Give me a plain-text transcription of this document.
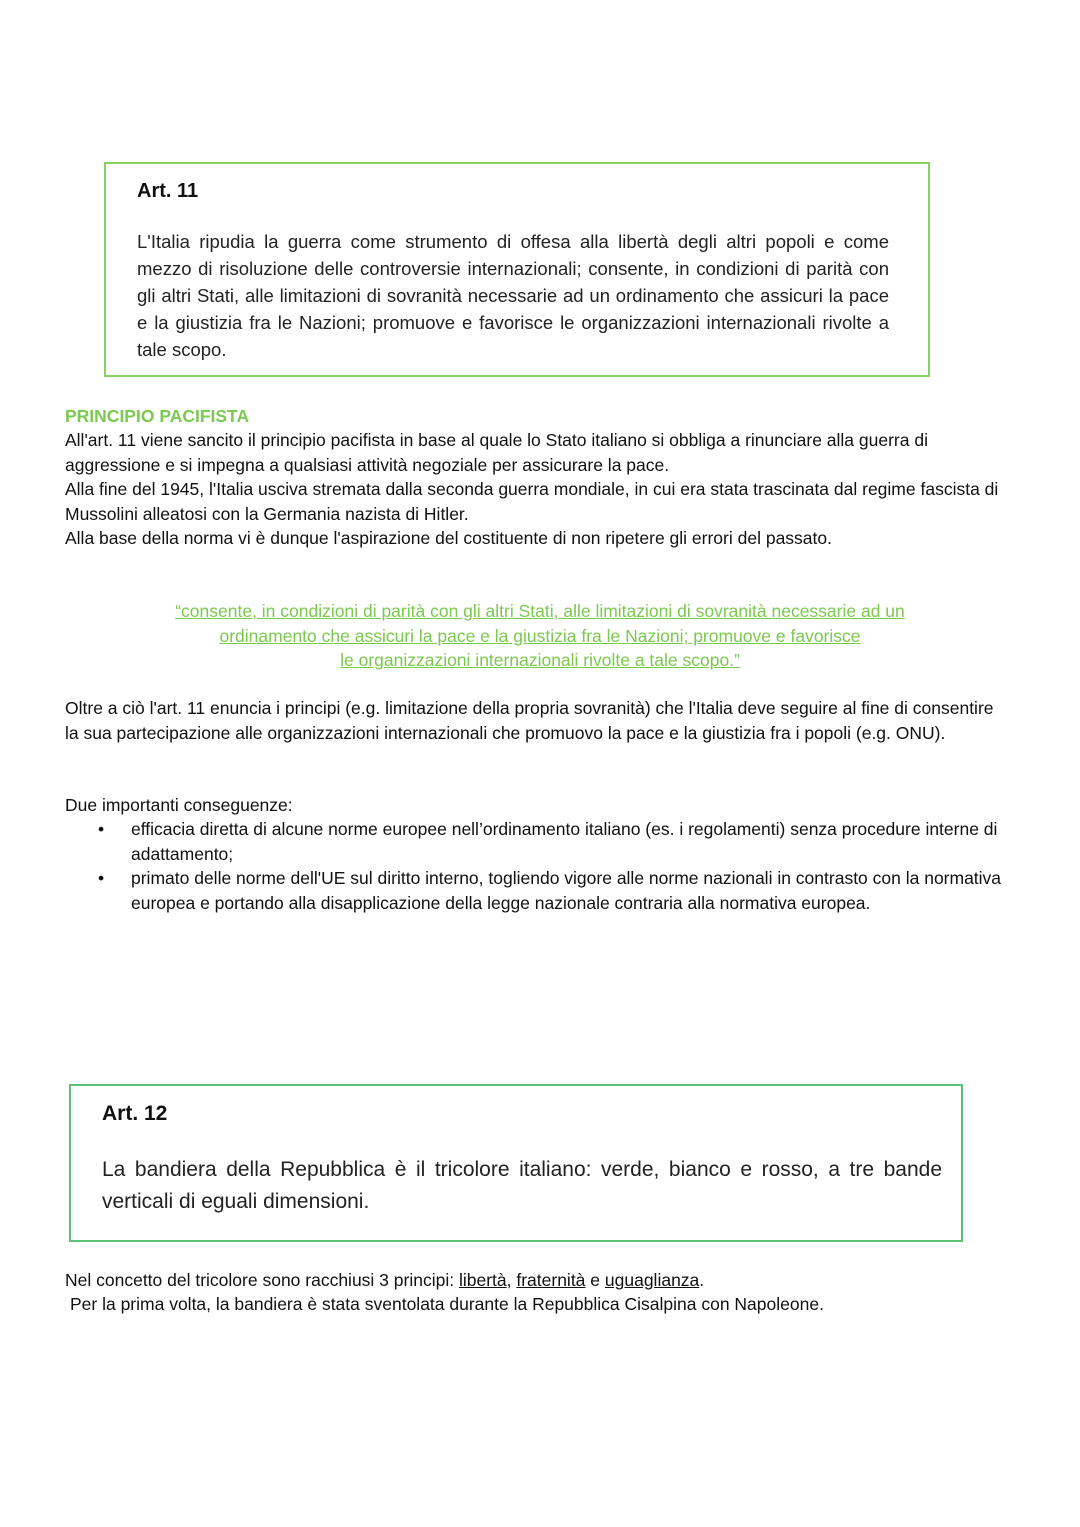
Art. 11
L'Italia ripudia la guerra come strumento di offesa alla libertà degli altri popoli e come mezzo di risoluzione delle controversie internazionali; consente, in condizioni di parità con gli altri Stati, alle limitazioni di sovranità necessarie ad un ordinamento che assicuri la pace e la giustizia fra le Nazioni; promuove e favorisce le organizzazioni internazionali rivolte a tale scopo.
PRINCIPIO PACIFISTA
All'art. 11 viene sancito il principio pacifista in base al quale lo Stato italiano si obbliga a rinunciare alla guerra di aggressione e si impegna a qualsiasi attività negoziale per assicurare la pace.
Alla fine del 1945, l'Italia usciva stremata dalla seconda guerra mondiale, in cui era stata trascinata dal regime fascista di Mussolini alleatosi con la Germania nazista di Hitler.
Alla base della norma vi è dunque l'aspirazione del costituente di non ripetere gli errori del passato.
“consente, in condizioni di parità con gli altri Stati, alle limitazioni di sovranità necessarie ad un
ordinamento che assicuri la pace e la giustizia fra le Nazioni; promuove e favorisce
le organizzazioni internazionali rivolte a tale scopo.”
Oltre a ciò l'art. 11 enuncia i principi (e.g. limitazione della propria sovranità) che l'Italia deve seguire al fine di consentire la sua partecipazione alle organizzazioni internazionali che promuovo la pace e la giustizia fra i popoli (e.g. ONU).
Due importanti conseguenze:
• efficacia diretta di alcune norme europee nell’ordinamento italiano (es. i regolamenti) senza procedure interne di adattamento;
• primato delle norme dell'UE sul diritto interno, togliendo vigore alle norme nazionali in contrasto con la normativa europea e portando alla disapplicazione della legge nazionale contraria alla normativa europea.
Art. 12
La bandiera della Repubblica è il tricolore italiano: verde, bianco e rosso, a tre bande verticali di eguali dimensioni.
Nel concetto del tricolore sono racchiusi 3 principi: libertà, fraternità e uguaglianza.
Per la prima volta, la bandiera è stata sventolata durante la Repubblica Cisalpina con Napoleone.
